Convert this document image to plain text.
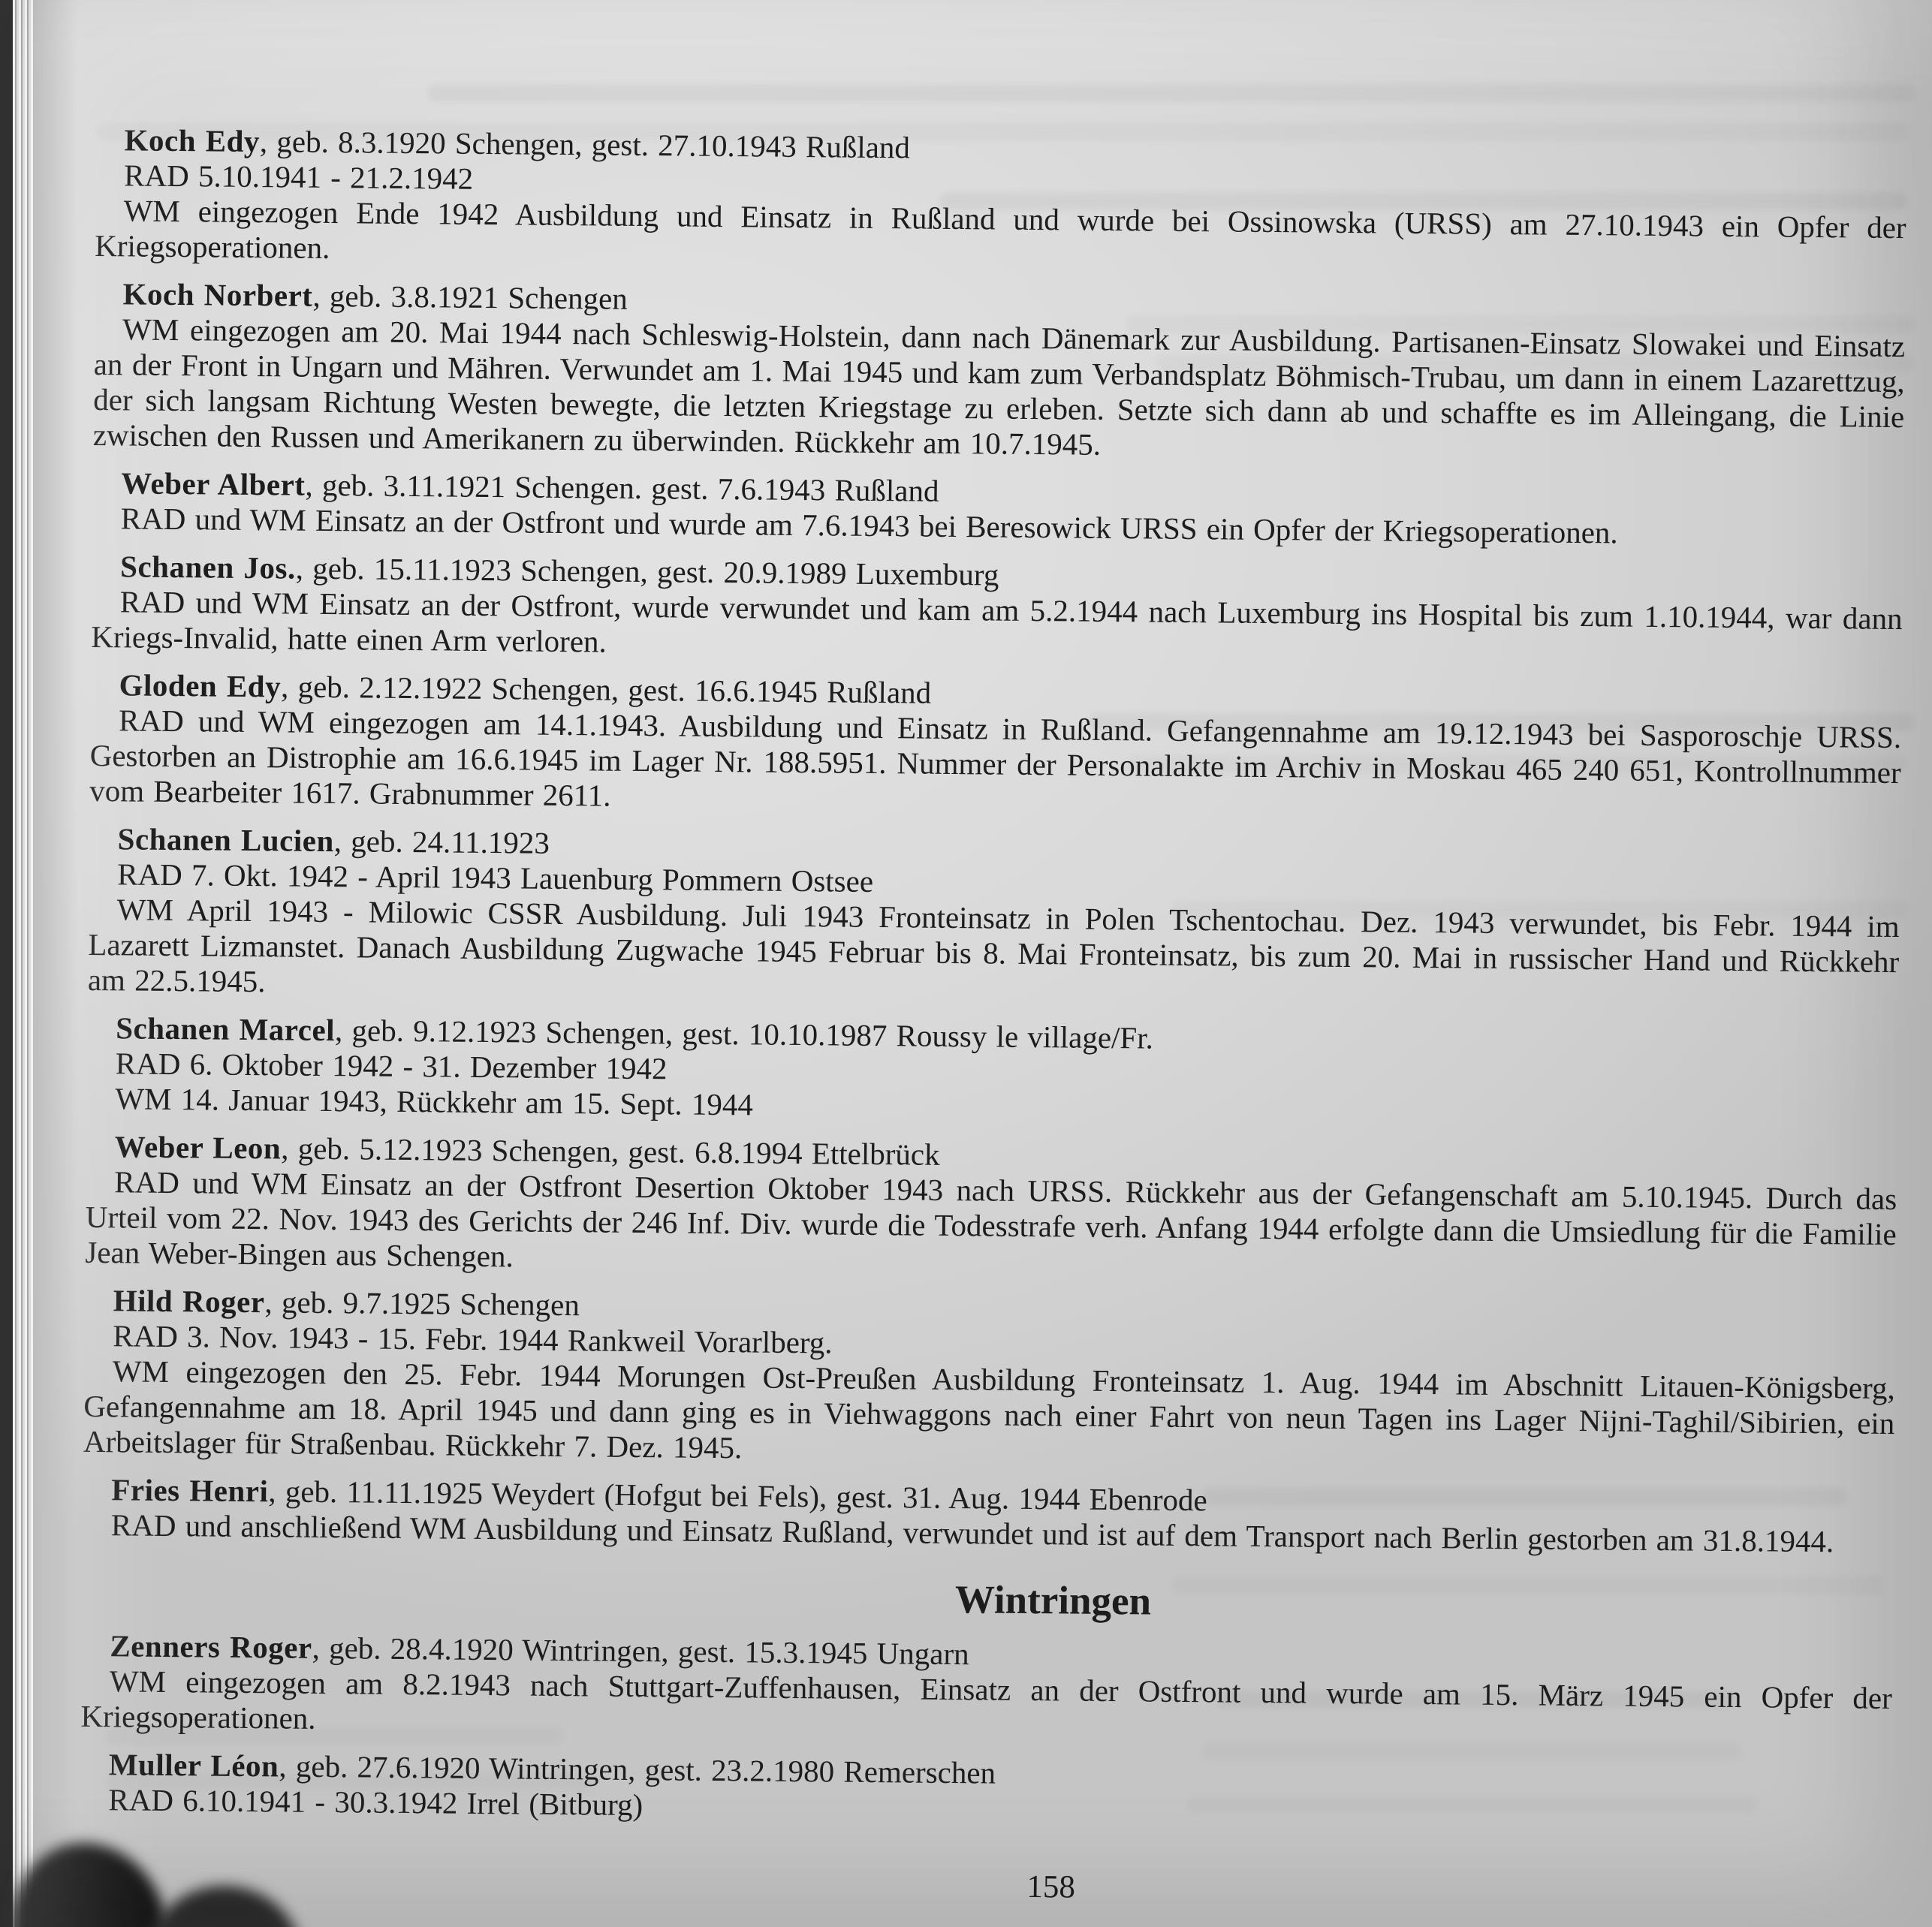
Koch Edy, geb. 8.3.1920 Schengen, gest. 27.10.1943 Rußland

RAD 5.10.1941 - 21.2.1942

WM eingezogen Ende 1942 Ausbildung und Einsatz in Rußland und wurde bei Ossinowska (URSS) am 27.10.1943 ein Opfer der Kriegsoperationen.

Koch Norbert, geb. 3.8.1921 Schengen

WM eingezogen am 20. Mai 1944 nach Schleswig-Holstein, dann nach Dänemark zur Ausbildung. Partisanen-Einsatz Slowakei und Einsatz an der Front in Ungarn und Mähren. Verwundet am 1. Mai 1945 und kam zum Verbandsplatz Böhmisch-Trubau, um dann in einem Lazarettzug, der sich langsam Richtung Westen bewegte, die letzten Kriegstage zu erleben. Setzte sich dann ab und schaffte es im Alleingang, die Linie zwischen den Russen und Amerikanern zu überwinden. Rückkehr am 10.7.1945.

Weber Albert, geb. 3.11.1921 Schengen. gest. 7.6.1943 Rußland

RAD und WM Einsatz an der Ostfront und wurde am 7.6.1943 bei Beresowick URSS ein Opfer der Kriegsoperationen.

Schanen Jos., geb. 15.11.1923 Schengen, gest. 20.9.1989 Luxemburg

RAD und WM Einsatz an der Ostfront, wurde verwundet und kam am 5.2.1944 nach Luxemburg ins Hospital bis zum 1.10.1944, war dann Kriegs-Invalid, hatte einen Arm verloren.

Gloden Edy, geb. 2.12.1922 Schengen, gest. 16.6.1945 Rußland

RAD und WM eingezogen am 14.1.1943. Ausbildung und Einsatz in Rußland. Gefangennahme am 19.12.1943 bei Sasporoschje URSS. Gestorben an Distrophie am 16.6.1945 im Lager Nr. 188.5951. Nummer der Personalakte im Archiv in Moskau 465 240 651, Kontrollnummer vom Bearbeiter 1617. Grabnummer 2611.

Schanen Lucien, geb. 24.11.1923

RAD 7. Okt. 1942 - April 1943 Lauenburg Pommern Ostsee

WM April 1943 - Milowic CSSR Ausbildung. Juli 1943 Fronteinsatz in Polen Tschentochau. Dez. 1943 verwundet, bis Febr. 1944 im Lazarett Lizmanstet. Danach Ausbildung Zugwache 1945 Februar bis 8. Mai Fronteinsatz, bis zum 20. Mai in russischer Hand und Rückkehr am 22.5.1945.

Schanen Marcel, geb. 9.12.1923 Schengen, gest. 10.10.1987 Roussy le village/Fr.

RAD 6. Oktober 1942 - 31. Dezember 1942

WM 14. Januar 1943, Rückkehr am 15. Sept. 1944

Weber Leon, geb. 5.12.1923 Schengen, gest. 6.8.1994 Ettelbrück

RAD und WM Einsatz an der Ostfront Desertion Oktober 1943 nach URSS. Rückkehr aus der Gefangenschaft am 5.10.1945. Durch das Urteil vom 22. Nov. 1943 des Gerichts der 246 Inf. Div. wurde die Todesstrafe verh. Anfang 1944 erfolgte dann die Umsiedlung für die Familie Jean Weber-Bingen aus Schengen.

Hild Roger, geb. 9.7.1925 Schengen

RAD 3. Nov. 1943 - 15. Febr. 1944 Rankweil Vorarlberg.

WM eingezogen den 25. Febr. 1944 Morungen Ost-Preußen Ausbildung Fronteinsatz 1. Aug. 1944 im Abschnitt Litauen-Königsberg, Gefangennahme am 18. April 1945 und dann ging es in Viehwaggons nach einer Fahrt von neun Tagen ins Lager Nijni-Taghil/Sibirien, ein Arbeitslager für Straßenbau. Rückkehr 7. Dez. 1945.

Fries Henri, geb. 11.11.1925 Weydert (Hofgut bei Fels), gest. 31. Aug. 1944 Ebenrode

RAD und anschließend WM Ausbildung und Einsatz Rußland, verwundet und ist auf dem Transport nach Berlin gestorben am 31.8.1944.

Wintringen

Zenners Roger, geb. 28.4.1920 Wintringen, gest. 15.3.1945 Ungarn

WM eingezogen am 8.2.1943 nach Stuttgart-Zuffenhausen, Einsatz an der Ostfront und wurde am 15. März 1945 ein Opfer der Kriegsoperationen.

Muller Léon, geb. 27.6.1920 Wintringen, gest. 23.2.1980 Remerschen

RAD 6.10.1941 - 30.3.1942 Irrel (Bitburg)

158
